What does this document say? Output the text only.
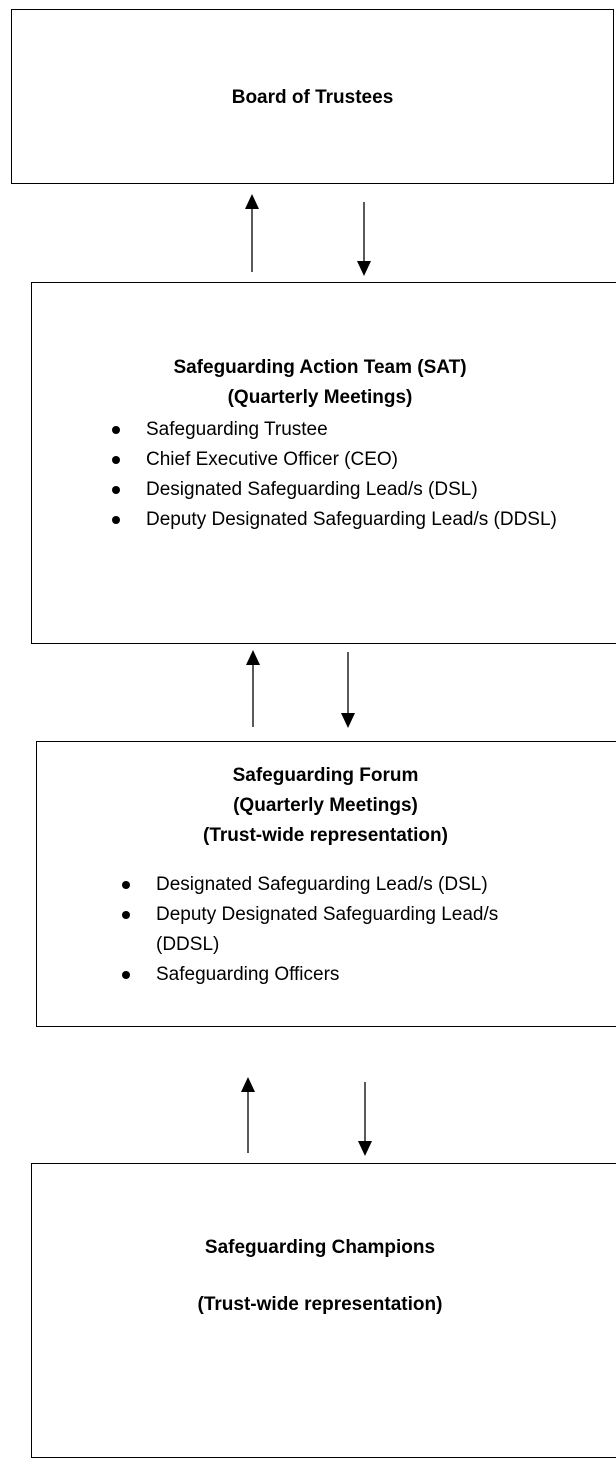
Board of Trustees
Safeguarding Action Team (SAT)
(Quarterly Meetings)
Safeguarding Trustee
Chief Executive Officer (CEO)
Designated Safeguarding Lead/s (DSL)
Deputy Designated Safeguarding Lead/s (DDSL)
Safeguarding Forum
(Quarterly Meetings)
(Trust-wide representation)
Designated Safeguarding Lead/s (DSL)
Deputy Designated Safeguarding Lead/s (DDSL)
Safeguarding Officers
Safeguarding Champions
(Trust-wide representation)
